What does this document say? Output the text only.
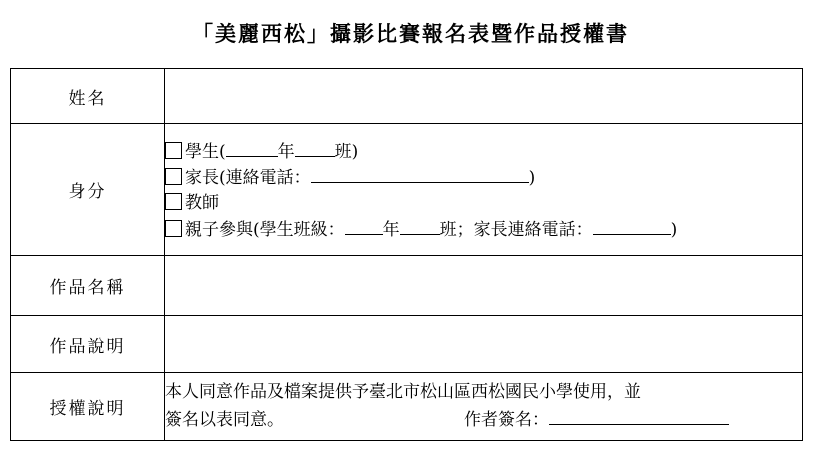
「美麗西松」攝影比賽報名表暨作品授權書
姓名	
身分	學生( 年 班)
家長(連絡電話： )
教師
親子參與(學生班級： 年 班；家長連絡電話： )

作品名稱	
作品說明	
授權說明	本人同意作品及檔案提供予臺北市松山區西松國民小學使用，並
簽名以表同意。 作者簽名：
